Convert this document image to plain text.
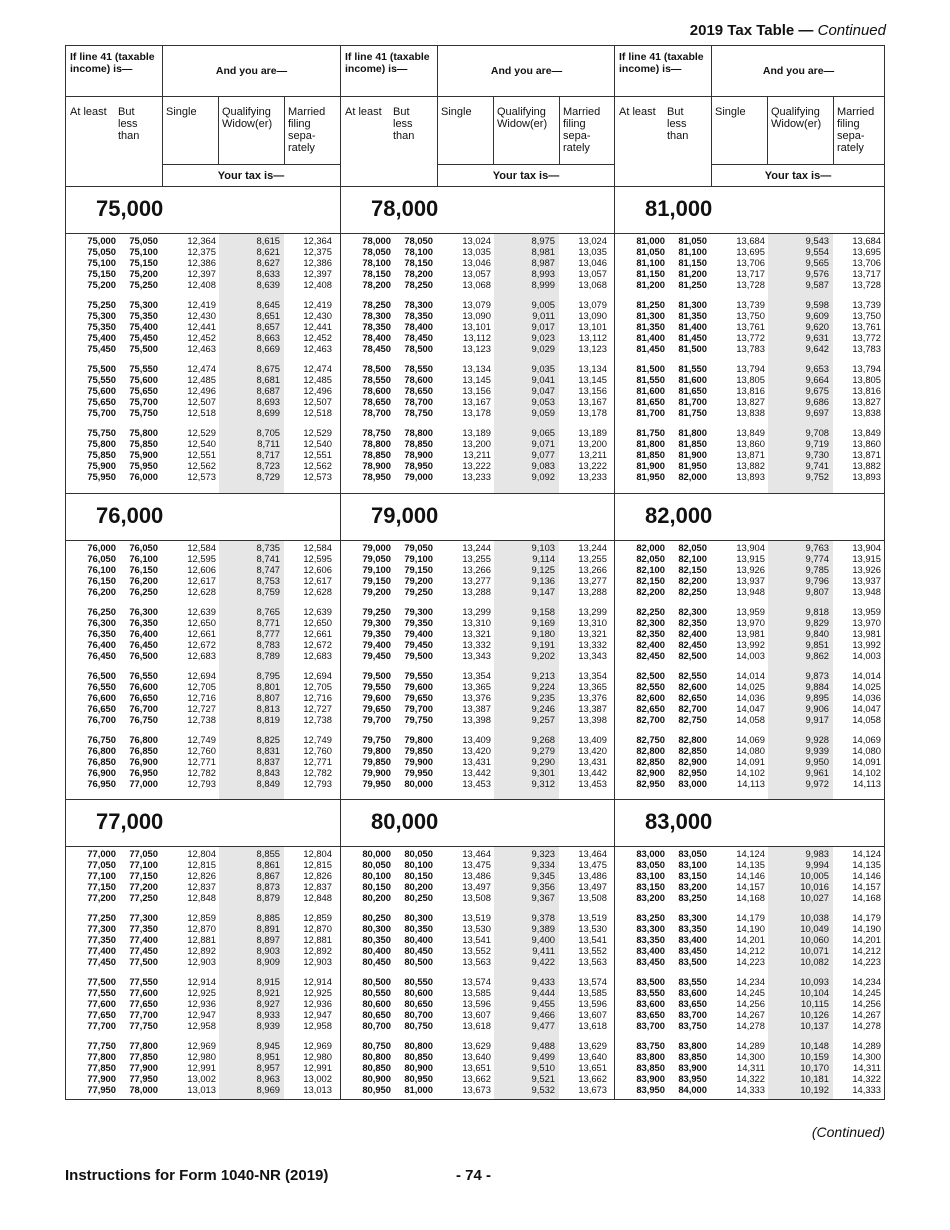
2019 Tax Table — Continued
If line 41 (taxable income) is—	And you are—
At least But less than
Single	Qualifying Widow(er)
Married filing sepa- rately
Your tax is—
75,000
75,000	75,050	12,364	8,615	12,364
75,050	75,100	12,375	8,621	12,375
75,100	75,150	12,386	8,627	12,386
75,150	75,200	12,397	8,633	12,397
75,200	75,250	12,408	8,639	12,408
75,250	75,300	12,419	8,645	12,419
75,300	75,350	12,430	8,651	12,430
75,350	75,400	12,441	8,657	12,441
75,400	75,450	12,452	8,663	12,452
75,450	75,500	12,463	8,669	12,463
75,500	75,550	12,474	8,675	12,474
75,550	75,600	12,485	8,681	12,485
75,600	75,650	12,496	8,687	12,496
75,650	75,700	12,507	8,693	12,507
75,700	75,750	12,518	8,699	12,518
75,750	75,800	12,529	8,705	12,529
75,800	75,850	12,540	8,711	12,540
75,850	75,900	12,551	8,717	12,551
75,900	75,950	12,562	8,723	12,562
75,950	76,000	12,573	8,729	12,573
76,000
76,000	76,050	12,584	8,735	12,584
76,050	76,100	12,595	8,741	12,595
76,100	76,150	12,606	8,747	12,606
76,150	76,200	12,617	8,753	12,617
76,200	76,250	12,628	8,759	12,628
76,250	76,300	12,639	8,765	12,639
76,300	76,350	12,650	8,771	12,650
76,350	76,400	12,661	8,777	12,661
76,400	76,450	12,672	8,783	12,672
76,450	76,500	12,683	8,789	12,683
76,500	76,550	12,694	8,795	12,694
76,550	76,600	12,705	8,801	12,705
76,600	76,650	12,716	8,807	12,716
76,650	76,700	12,727	8,813	12,727
76,700	76,750	12,738	8,819	12,738
76,750	76,800	12,749	8,825	12,749
76,800	76,850	12,760	8,831	12,760
76,850	76,900	12,771	8,837	12,771
76,900	76,950	12,782	8,843	12,782
76,950	77,000	12,793	8,849	12,793
77,000
77,000	77,050	12,804	8,855	12,804
77,050	77,100	12,815	8,861	12,815
77,100	77,150	12,826	8,867	12,826
77,150	77,200	12,837	8,873	12,837
77,200	77,250	12,848	8,879	12,848
77,250	77,300	12,859	8,885	12,859
77,300	77,350	12,870	8,891	12,870
77,350	77,400	12,881	8,897	12,881
77,400	77,450	12,892	8,903	12,892
77,450	77,500	12,903	8,909	12,903
77,500	77,550	12,914	8,915	12,914
77,550	77,600	12,925	8,921	12,925
77,600	77,650	12,936	8,927	12,936
77,650	77,700	12,947	8,933	12,947
77,700	77,750	12,958	8,939	12,958
77,750	77,800	12,969	8,945	12,969
77,800	77,850	12,980	8,951	12,980
77,850	77,900	12,991	8,957	12,991
77,900	77,950	13,002	8,963	13,002
77,950	78,000	13,013	8,969	13,013
If line 41 (taxable income) is—	And you are—
At least But less than
Single	Qualifying Widow(er)
Married filing sepa- rately
Your tax is—
78,000
78,000	78,050	13,024	8,975	13,024
78,050	78,100	13,035	8,981	13,035
78,100	78,150	13,046	8,987	13,046
78,150	78,200	13,057	8,993	13,057
78,200	78,250	13,068	8,999	13,068
78,250	78,300	13,079	9,005	13,079
78,300	78,350	13,090	9,011	13,090
78,350	78,400	13,101	9,017	13,101
78,400	78,450	13,112	9,023	13,112
78,450	78,500	13,123	9,029	13,123
78,500	78,550	13,134	9,035	13,134
78,550	78,600	13,145	9,041	13,145
78,600	78,650	13,156	9,047	13,156
78,650	78,700	13,167	9,053	13,167
78,700	78,750	13,178	9,059	13,178
78,750	78,800	13,189	9,065	13,189
78,800	78,850	13,200	9,071	13,200
78,850	78,900	13,211	9,077	13,211
78,900	78,950	13,222	9,083	13,222
78,950	79,000	13,233	9,092	13,233
79,000
79,000	79,050	13,244	9,103	13,244
79,050	79,100	13,255	9,114	13,255
79,100	79,150	13,266	9,125	13,266
79,150	79,200	13,277	9,136	13,277
79,200	79,250	13,288	9,147	13,288
79,250	79,300	13,299	9,158	13,299
79,300	79,350	13,310	9,169	13,310
79,350	79,400	13,321	9,180	13,321
79,400	79,450	13,332	9,191	13,332
79,450	79,500	13,343	9,202	13,343
79,500	79,550	13,354	9,213	13,354
79,550	79,600	13,365	9,224	13,365
79,600	79,650	13,376	9,235	13,376
79,650	79,700	13,387	9,246	13,387
79,700	79,750	13,398	9,257	13,398
79,750	79,800	13,409	9,268	13,409
79,800	79,850	13,420	9,279	13,420
79,850	79,900	13,431	9,290	13,431
79,900	79,950	13,442	9,301	13,442
79,950	80,000	13,453	9,312	13,453
80,000
80,000	80,050	13,464	9,323	13,464
80,050	80,100	13,475	9,334	13,475
80,100	80,150	13,486	9,345	13,486
80,150	80,200	13,497	9,356	13,497
80,200	80,250	13,508	9,367	13,508
80,250	80,300	13,519	9,378	13,519
80,300	80,350	13,530	9,389	13,530
80,350	80,400	13,541	9,400	13,541
80,400	80,450	13,552	9,411	13,552
80,450	80,500	13,563	9,422	13,563
80,500	80,550	13,574	9,433	13,574
80,550	80,600	13,585	9,444	13,585
80,600	80,650	13,596	9,455	13,596
80,650	80,700	13,607	9,466	13,607
80,700	80,750	13,618	9,477	13,618
80,750	80,800	13,629	9,488	13,629
80,800	80,850	13,640	9,499	13,640
80,850	80,900	13,651	9,510	13,651
80,900	80,950	13,662	9,521	13,662
80,950	81,000	13,673	9,532	13,673
If line 41 (taxable income) is—	And you are—
At least But less than
Single	Qualifying Widow(er)
Married filing sepa- rately
Your tax is—
81,000
81,000	81,050	13,684	9,543	13,684
81,050	81,100	13,695	9,554	13,695
81,100	81,150	13,706	9,565	13,706
81,150	81,200	13,717	9,576	13,717
81,200	81,250	13,728	9,587	13,728
81,250	81,300	13,739	9,598	13,739
81,300	81,350	13,750	9,609	13,750
81,350	81,400	13,761	9,620	13,761
81,400	81,450	13,772	9,631	13,772
81,450	81,500	13,783	9,642	13,783
81,500	81,550	13,794	9,653	13,794
81,550	81,600	13,805	9,664	13,805
81,600	81,650	13,816	9,675	13,816
81,650	81,700	13,827	9,686	13,827
81,700	81,750	13,838	9,697	13,838
81,750	81,800	13,849	9,708	13,849
81,800	81,850	13,860	9,719	13,860
81,850	81,900	13,871	9,730	13,871
81,900	81,950	13,882	9,741	13,882
81,950	82,000	13,893	9,752	13,893
82,000
82,000	82,050	13,904	9,763	13,904
82,050	82,100	13,915	9,774	13,915
82,100	82,150	13,926	9,785	13,926
82,150	82,200	13,937	9,796	13,937
82,200	82,250	13,948	9,807	13,948
82,250	82,300	13,959	9,818	13,959
82,300	82,350	13,970	9,829	13,970
82,350	82,400	13,981	9,840	13,981
82,400	82,450	13,992	9,851	13,992
82,450	82,500	14,003	9,862	14,003
82,500	82,550	14,014	9,873	14,014
82,550	82,600	14,025	9,884	14,025
82,600	82,650	14,036	9,895	14,036
82,650	82,700	14,047	9,906	14,047
82,700	82,750	14,058	9,917	14,058
82,750	82,800	14,069	9,928	14,069
82,800	82,850	14,080	9,939	14,080
82,850	82,900	14,091	9,950	14,091
82,900	82,950	14,102	9,961	14,102
82,950	83,000	14,113	9,972	14,113
83,000
83,000	83,050	14,124	9,983	14,124
83,050	83,100	14,135	9,994	14,135
83,100	83,150	14,146	10,005	14,146
83,150	83,200	14,157	10,016	14,157
83,200	83,250	14,168	10,027	14,168
83,250	83,300	14,179	10,038	14,179
83,300	83,350	14,190	10,049	14,190
83,350	83,400	14,201	10,060	14,201
83,400	83,450	14,212	10,071	14,212
83,450	83,500	14,223	10,082	14,223
83,500	83,550	14,234	10,093	14,234
83,550	83,600	14,245	10,104	14,245
83,600	83,650	14,256	10,115	14,256
83,650	83,700	14,267	10,126	14,267
83,700	83,750	14,278	10,137	14,278
83,750	83,800	14,289	10,148	14,289
83,800	83,850	14,300	10,159	14,300
83,850	83,900	14,311	10,170	14,311
83,900	83,950	14,322	10,181	14,322
83,950	84,000	14,333	10,192	14,333
(Continued)
Instructions for Form 1040-NR (2019)	- 74 -
